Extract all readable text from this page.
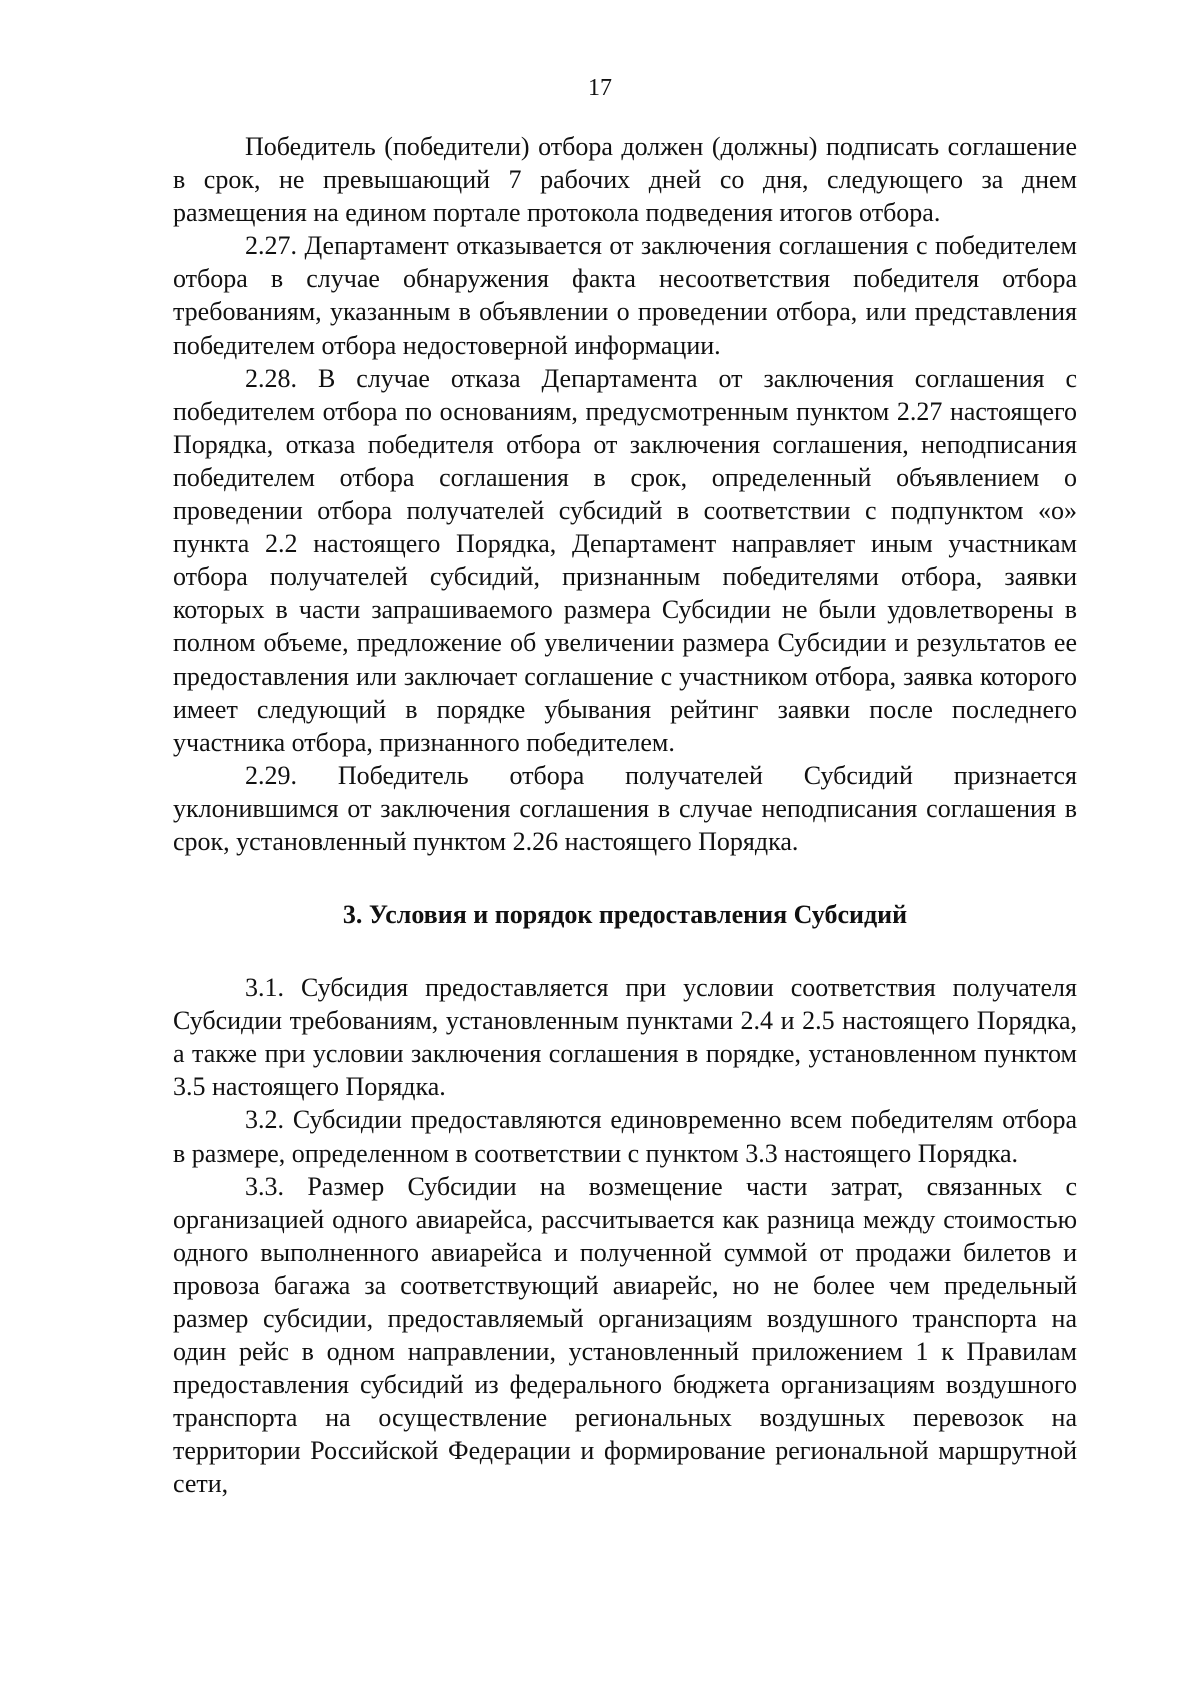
17

Победитель (победители) отбора должен (должны) подписать соглашение в срок, не превышающий 7 рабочих дней со дня, следующего за днем размещения на едином портале протокола подведения итогов отбора.

2.27. Департамент отказывается от заключения соглашения с победителем отбора в случае обнаружения факта несоответствия победителя отбора требованиям, указанным в объявлении о проведении отбора, или представления победителем отбора недостоверной информации.

2.28. В случае отказа Департамента от заключения соглашения с победителем отбора по основаниям, предусмотренным пунктом 2.27 настоящего Порядка, отказа победителя отбора от заключения соглашения, неподписания победителем отбора соглашения в срок, определенный объявлением о проведении отбора получателей субсидий в соответствии с подпунктом «о» пункта 2.2 настоящего Порядка, Департамент направляет иным участникам отбора получателей субсидий, признанным победителями отбора, заявки которых в части запрашиваемого размера Субсидии не были удовлетворены в полном объеме, предложение об увеличении размера Субсидии и результатов ее предоставления или заключает соглашение с участником отбора, заявка которого имеет следующий в порядке убывания рейтинг заявки после последнего участника отбора, признанного победителем.

2.29. Победитель отбора получателей Субсидий признается уклонившимся от заключения соглашения в случае неподписания соглашения в срок, установленный пунктом 2.26 настоящего Порядка.

3. Условия и порядок предоставления Субсидий

3.1. Субсидия предоставляется при условии соответствия получателя Субсидии требованиям, установленным пунктами 2.4 и 2.5 настоящего Порядка, а также при условии заключения соглашения в порядке, установленном пунктом 3.5 настоящего Порядка.

3.2. Субсидии предоставляются единовременно всем победителям отбора в размере, определенном в соответствии с пунктом 3.3 настоящего Порядка.

3.3. Размер Субсидии на возмещение части затрат, связанных с организацией одного авиарейса, рассчитывается как разница между стоимостью одного выполненного авиарейса и полученной суммой от продажи билетов и провоза багажа за соответствующий авиарейс, но не более чем предельный размер субсидии, предоставляемый организациям воздушного транспорта на один рейс в одном направлении, установленный приложением 1 к Правилам предоставления субсидий из федерального бюджета организациям воздушного транспорта на осуществление региональных воздушных перевозок на территории Российской Федерации и формирование региональной маршрутной сети,
